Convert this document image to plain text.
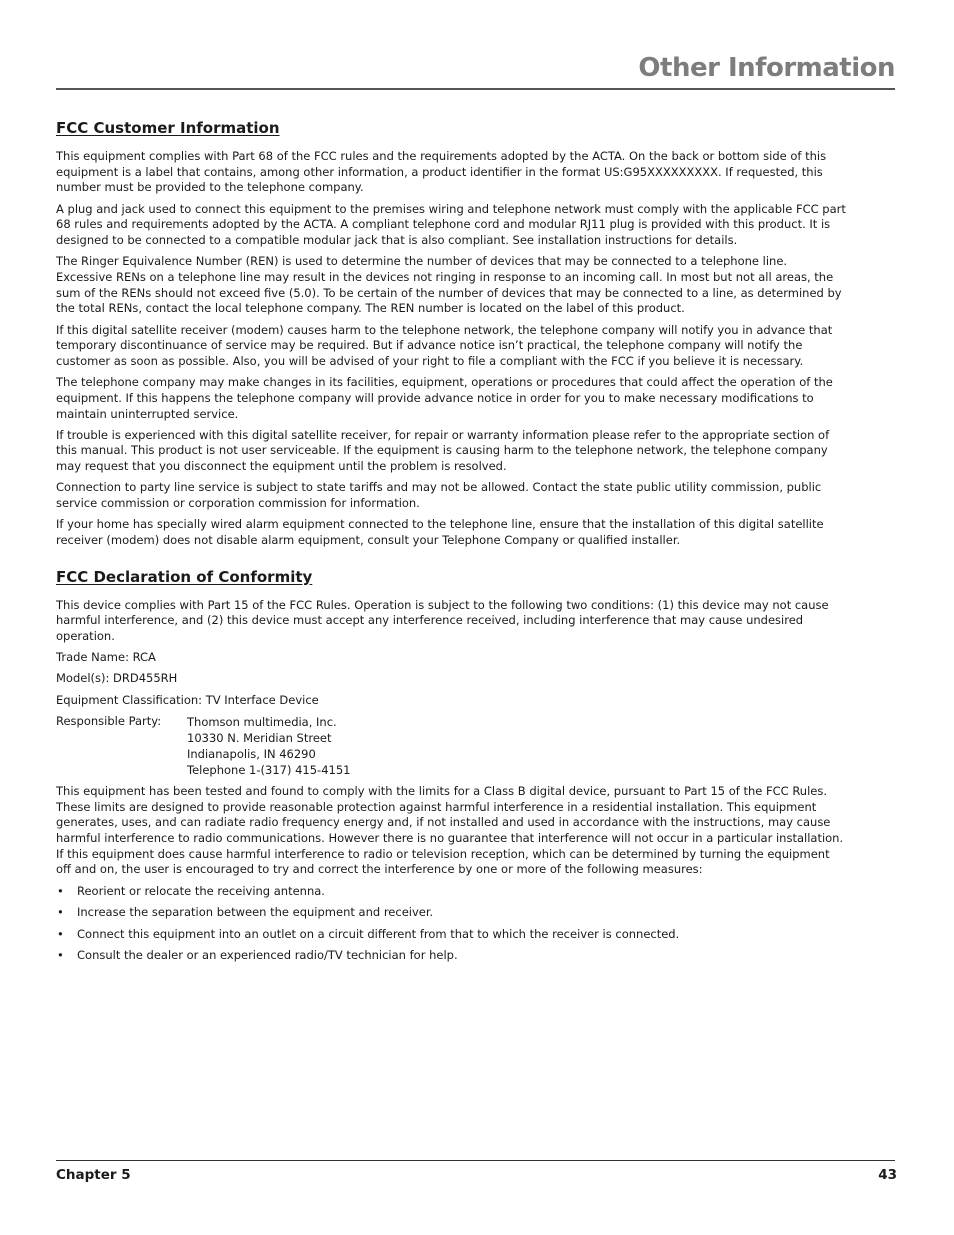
Other Information
FCC Customer Information

This equipment complies with Part 68 of the FCC rules and the requirements adopted by the ACTA. On the back or bottom side of this equipment is a label that contains, among other information, a product identifier in the format US:G95XXXXXXXXX. If requested, this number must be provided to the telephone company.

A plug and jack used to connect this equipment to the premises wiring and telephone network must comply with the applicable FCC part 68 rules and requirements adopted by the ACTA. A compliant telephone cord and modular RJ11 plug is provided with this product. It is designed to be connected to a compatible modular jack that is also compliant. See installation instructions for details.

The Ringer Equivalence Number (REN) is used to determine the number of devices that may be connected to a telephone line. Excessive RENs on a telephone line may result in the devices not ringing in response to an incoming call. In most but not all areas, the sum of the RENs should not exceed five (5.0). To be certain of the number of devices that may be connected to a line, as determined by the total RENs, contact the local telephone company. The REN number is located on the label of this product.

If this digital satellite receiver (modem) causes harm to the telephone network, the telephone company will notify you in advance that temporary discontinuance of service may be required. But if advance notice isn’t practical, the telephone company will notify the customer as soon as possible. Also, you will be advised of your right to file a compliant with the FCC if you believe it is necessary.

The telephone company may make changes in its facilities, equipment, operations or procedures that could affect the operation of the equipment. If this happens the telephone company will provide advance notice in order for you to make necessary modifications to maintain uninterrupted service.

If trouble is experienced with this digital satellite receiver, for repair or warranty information please refer to the appropriate section of this manual. This product is not user serviceable. If the equipment is causing harm to the telephone network, the telephone company may request that you disconnect the equipment until the problem is resolved.

Connection to party line service is subject to state tariffs and may not be allowed. Contact the state public utility commission, public service commission or corporation commission for information.

If your home has specially wired alarm equipment connected to the telephone line, ensure that the installation of this digital satellite receiver (modem) does not disable alarm equipment, consult your Telephone Company or qualified installer.

FCC Declaration of Conformity

This device complies with Part 15 of the FCC Rules. Operation is subject to the following two conditions: (1) this device may not cause harmful interference, and (2) this device must accept any interference received, including interference that may cause undesired operation.

Trade Name: RCA

Model(s): DRD455RH

Equipment Classification: TV Interface Device

Responsible Party:	Thomson multimedia, Inc.
10330 N. Meridian Street
Indianapolis, IN 46290
Telephone 1-(317) 415-4151

This equipment has been tested and found to comply with the limits for a Class B digital device, pursuant to Part 15 of the FCC Rules. These limits are designed to provide reasonable protection against harmful interference in a residential installation. This equipment generates, uses, and can radiate radio frequency energy and, if not installed and used in accordance with the instructions, may cause harmful interference to radio communications. However there is no guarantee that interference will not occur in a particular installation. If this equipment does cause harmful interference to radio or television reception, which can be determined by turning the equipment off and on, the user is encouraged to try and correct the interference by one or more of the following measures:

• Reorient or relocate the receiving antenna.
• Increase the separation between the equipment and receiver.
• Connect this equipment into an outlet on a circuit different from that to which the receiver is connected.
• Consult the dealer or an experienced radio/TV technician for help.
Chapter 5	43
